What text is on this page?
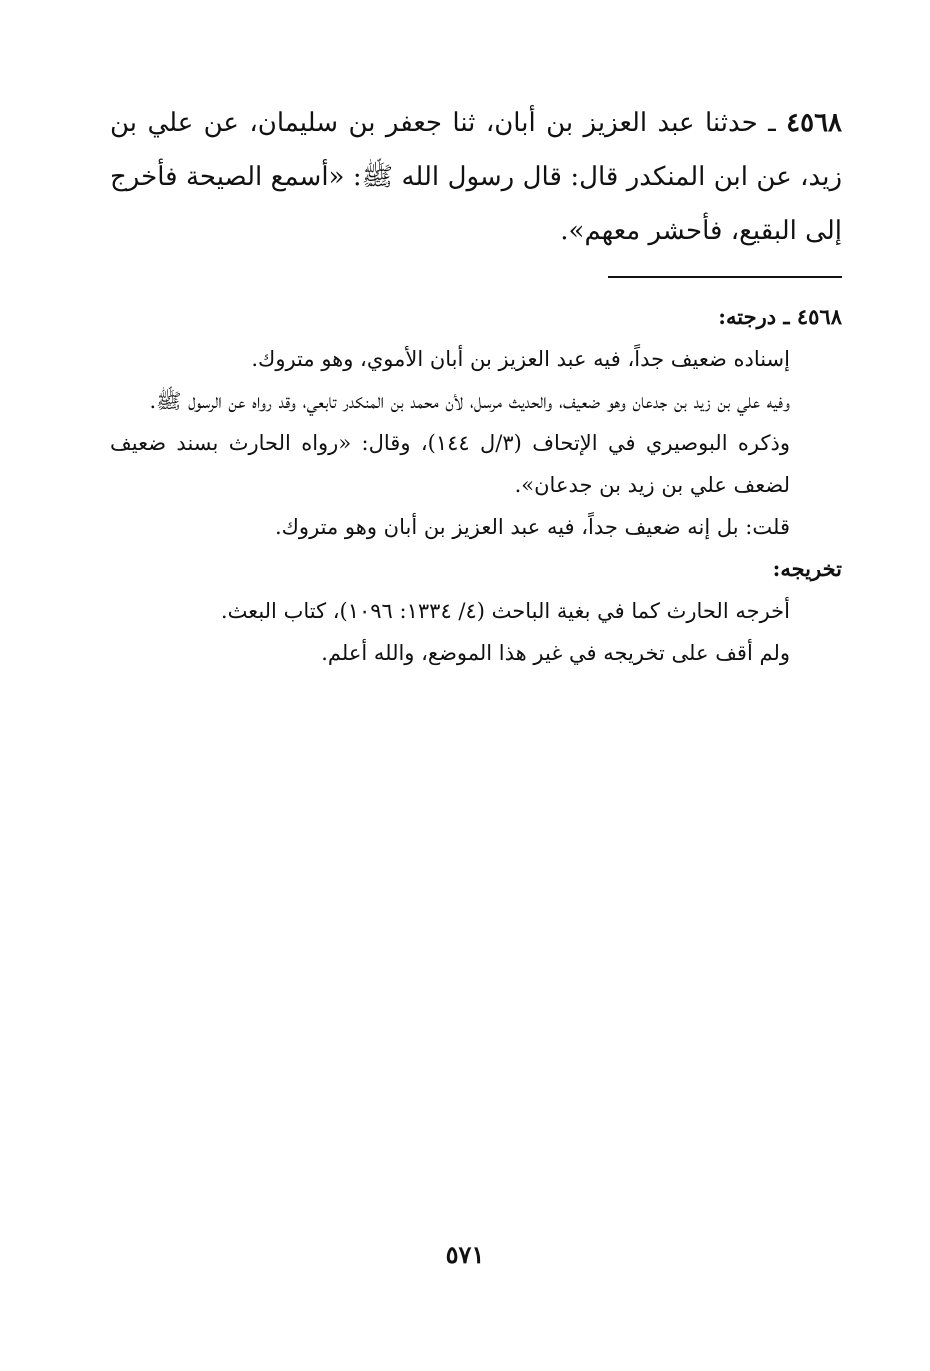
٤٥٦٨ ـ حدثنا عبد العزيز بن أبان، ثنا جعفر بن سليمان، عن علي بن زيد، عن ابن المنكدر قال: قال رسول الله ﷺ: «أسمع الصيحة فأخرج إلى البقيع، فأحشر معهم».

٤٥٦٨ ـ درجته:

إسناده ضعيف جداً، فيه عبد العزيز بن أبان الأموي، وهو متروك.

وفيه علي بن زيد بن جدعان وهو ضعيف، والحديث مرسل، لأن محمد بن المنكدر تابعي، وقد رواه عن الرسول ﷺ.

وذكره البوصيري في الإتحاف (٣/ل ١٤٤)، وقال: «رواه الحارث بسند ضعيف لضعف علي بن زيد بن جدعان».

قلت: بل إنه ضعيف جداً، فيه عبد العزيز بن أبان وهو متروك.

تخريجه:

أخرجه الحارث كما في بغية الباحث (٤/ ١٣٣٤: ١٠٩٦)، كتاب البعث.

ولم أقف على تخريجه في غير هذا الموضع، والله أعلم.

٥٧١
